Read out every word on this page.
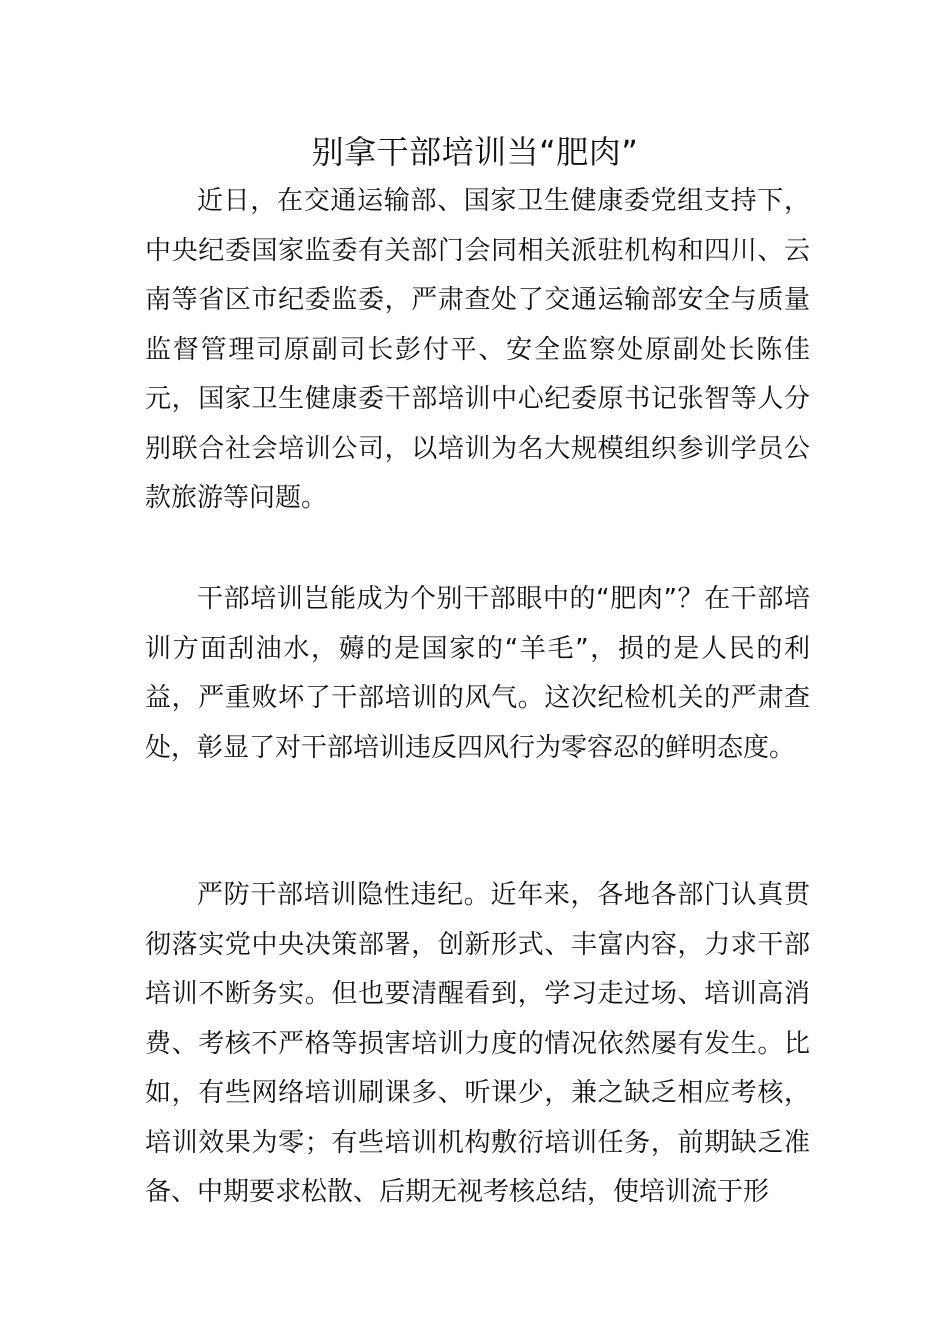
别拿干部培训当“肥肉”

近日，在交通运输部、国家卫生健康委党组支持下，中央纪委国家监委有关部门会同相关派驻机构和四川、云南等省区市纪委监委，严肃查处了交通运输部安全与质量监督管理司原副司长彭付平、安全监察处原副处长陈佳元，国家卫生健康委干部培训中心纪委原书记张智等人分别联合社会培训公司，以培训为名大规模组织参训学员公款旅游等问题。

干部培训岂能成为个别干部眼中的“肥肉”？在干部培训方面刮油水，薅的是国家的“羊毛”，损的是人民的利益，严重败坏了干部培训的风气。这次纪检机关的严肃查处，彰显了对干部培训违反四风行为零容忍的鲜明态度。

严防干部培训隐性违纪。近年来，各地各部门认真贯彻落实党中央决策部署，创新形式、丰富内容，力求干部培训不断务实。但也要清醒看到，学习走过场、培训高消费、考核不严格等损害培训力度的情况依然屡有发生。比如，有些网络培训刷课多、听课少，兼之缺乏相应考核，培训效果为零；有些培训机构敷衍培训任务，前期缺乏准备、中期要求松散、后期无视考核总结，使培训流于形
